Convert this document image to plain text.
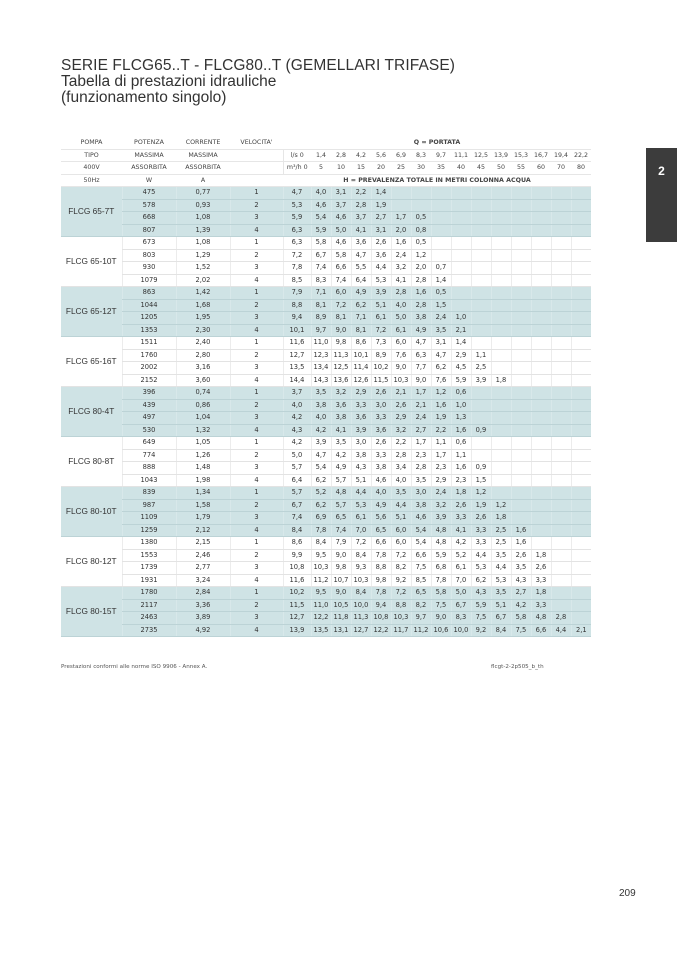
SERIE FLCG65..T - FLCG80..T (GEMELLARI TRIFASE)
Tabella di prestazioni idrauliche
(funzionamento singolo)
2
POMPA	POTENZA	CORRENTE	VELOCITA'	Q = PORTATA														
TIPO	MASSIMA	MASSIMA		l/s 0	1,4	2,8	4,2	5,6	6,9	8,3	9,7	11,1	12,5	13,9	15,3	16,7	19,4	22,2
400V	ASSORBITA	ASSORBITA		m³/h 0	5	10	15	20	25	30	35	40	45	50	55	60	70	80
50Hz	W	A		H = PREVALENZA TOTALE IN METRI COLONNA ACQUA														
FLCG 65-7T	475	0,77	1	4,7	4,0	3,1	2,2	1,4										
	578	0,93	2	5,3	4,6	3,7	2,8	1,9										
	668	1,08	3	5,9	5,4	4,6	3,7	2,7	1,7	0,5								
	807	1,39	4	6,3	5,9	5,0	4,1	3,1	2,0	0,8								
FLCG 65-10T	673	1,08	1	6,3	5,8	4,6	3,6	2,6	1,6	0,5								
	803	1,29	2	7,2	6,7	5,8	4,7	3,6	2,4	1,2								
	930	1,52	3	7,8	7,4	6,6	5,5	4,4	3,2	2,0	0,7							
	1079	2,02	4	8,5	8,3	7,4	6,4	5,3	4,1	2,8	1,4							
FLCG 65-12T	863	1,42	1	7,9	7,1	6,0	4,9	3,9	2,8	1,6	0,5							
	1044	1,68	2	8,8	8,1	7,2	6,2	5,1	4,0	2,8	1,5							
	1205	1,95	3	9,4	8,9	8,1	7,1	6,1	5,0	3,8	2,4	1,0						
	1353	2,30	4	10,1	9,7	9,0	8,1	7,2	6,1	4,9	3,5	2,1						
FLCG 65-16T	1511	2,40	1	11,6	11,0	9,8	8,6	7,3	6,0	4,7	3,1	1,4						
	1760	2,80	2	12,7	12,3	11,3	10,1	8,9	7,6	6,3	4,7	2,9	1,1					
	2002	3,16	3	13,5	13,4	12,5	11,4	10,2	9,0	7,7	6,2	4,5	2,5					
	2152	3,60	4	14,4	14,3	13,6	12,6	11,5	10,3	9,0	7,6	5,9	3,9	1,8				
FLCG 80-4T	396	0,74	1	3,7	3,5	3,2	2,9	2,6	2,1	1,7	1,2	0,6						
	439	0,86	2	4,0	3,8	3,6	3,3	3,0	2,6	2,1	1,6	1,0						
	497	1,04	3	4,2	4,0	3,8	3,6	3,3	2,9	2,4	1,9	1,3						
	530	1,32	4	4,3	4,2	4,1	3,9	3,6	3,2	2,7	2,2	1,6	0,9					
FLCG 80-8T	649	1,05	1	4,2	3,9	3,5	3,0	2,6	2,2	1,7	1,1	0,6						
	774	1,26	2	5,0	4,7	4,2	3,8	3,3	2,8	2,3	1,7	1,1						
	888	1,48	3	5,7	5,4	4,9	4,3	3,8	3,4	2,8	2,3	1,6	0,9					
	1043	1,98	4	6,4	6,2	5,7	5,1	4,6	4,0	3,5	2,9	2,3	1,5					
FLCG 80-10T	839	1,34	1	5,7	5,2	4,8	4,4	4,0	3,5	3,0	2,4	1,8	1,2					
	987	1,58	2	6,7	6,2	5,7	5,3	4,9	4,4	3,8	3,2	2,6	1,9	1,2				
	1109	1,79	3	7,4	6,9	6,5	6,1	5,6	5,1	4,6	3,9	3,3	2,6	1,8				
	1259	2,12	4	8,4	7,8	7,4	7,0	6,5	6,0	5,4	4,8	4,1	3,3	2,5	1,6			
FLCG 80-12T	1380	2,15	1	8,6	8,4	7,9	7,2	6,6	6,0	5,4	4,8	4,2	3,3	2,5	1,6			
	1553	2,46	2	9,9	9,5	9,0	8,4	7,8	7,2	6,6	5,9	5,2	4,4	3,5	2,6	1,8		
	1739	2,77	3	10,8	10,3	9,8	9,3	8,8	8,2	7,5	6,8	6,1	5,3	4,4	3,5	2,6		
	1931	3,24	4	11,6	11,2	10,7	10,3	9,8	9,2	8,5	7,8	7,0	6,2	5,3	4,3	3,3		
FLCG 80-15T	1780	2,84	1	10,2	9,5	9,0	8,4	7,8	7,2	6,5	5,8	5,0	4,3	3,5	2,7	1,8		
	2117	3,36	2	11,5	11,0	10,5	10,0	9,4	8,8	8,2	7,5	6,7	5,9	5,1	4,2	3,3		
	2463	3,89	3	12,7	12,2	11,8	11,3	10,8	10,3	9,7	9,0	8,3	7,5	6,7	5,8	4,8	2,8	
	2735	4,92	4	13,9	13,5	13,1	12,7	12,2	11,7	11,2	10,6	10,0	9,2	8,4	7,5	6,6	4,4	2,1
Prestazioni conformi alle norme ISO 9906 - Annex A.	flcgt-2-2p505_b_th
209
